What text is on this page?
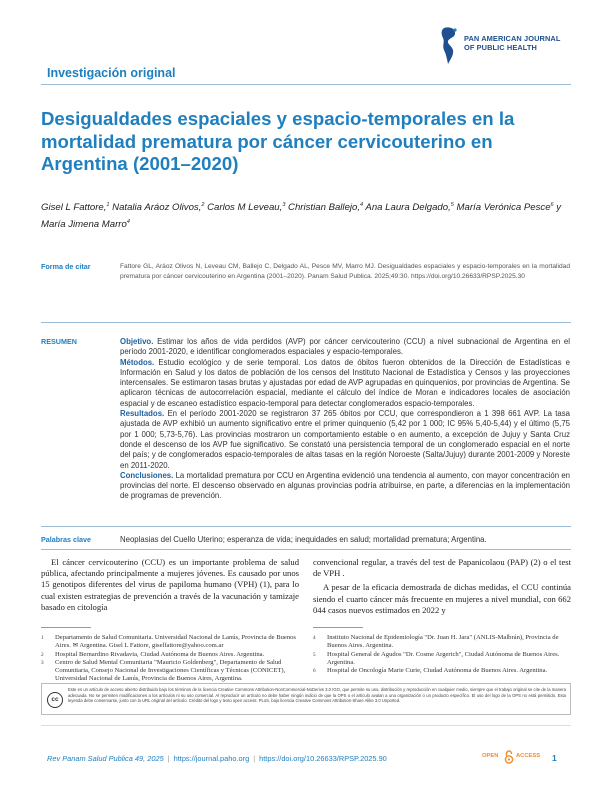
PAN AMERICAN JOURNAL
OF PUBLIC HEALTH
Investigación original
Desigualdades espaciales y espacio-temporales en la mortalidad prematura por cáncer cervicouterino en Argentina (2001–2020)
Gisel L Fattore,$^1$ Natalia Aráoz Olivos,$^2$ Carlos M Leveau,$^3$ Christian Ballejo,$^4$ Ana Laura Delgado,$^5$ María Verónica Pesce$^6$ y María Jimena Marro$^4$
Forma de citar	Fattore GL, Aráoz Olivos N, Leveau CM, Ballejo C, Delgado AL, Pesce MV, Marro MJ. Desigualdades espaciales y espacio-temporales en la mortalidad prematura por cáncer cervicouterino en Argentina (2001–2020). Panam Salud Publica. 2025;49:30. https://doi.org/10.26633/RPSP.2025.30
RESUMEN	Objetivo. Estimar los años de vida perdidos (AVP) por cáncer cervicouterino (CCU) a nivel subnacional de Argentina en el período 2001-2020, e identificar conglomerados espaciales y espacio-temporales.

Métodos. Estudio ecológico y de serie temporal. Los datos de óbitos fueron obtenidos de la Dirección de Estadísticas e Información en Salud y los datos de población de los censos del Instituto Nacional de Estadística y Censos y las proyecciones intercensales. Se estimaron tasas brutas y ajustadas por edad de AVP agrupadas en quinquenios, por provincias de Argentina. Se aplicaron técnicas de autocorrelación espacial, mediante el cálculo del índice de Moran e indicadores locales de asociación espacial y de escaneo estadístico espacio-temporal para detectar conglomerados espacio-temporales.

Resultados. En el período 2001-2020 se registraron 37 265 óbitos por CCU, que correspondieron a 1 398 661 AVP. La tasa ajustada de AVP exhibió un aumento significativo entre el primer quinquenio (5,42 por 1 000; IC 95% 5,40-5,44) y el último (5,75 por 1 000; 5,73-5,76). Las provincias mostraron un comportamiento estable o en aumento, a excepción de Jujuy y Santa Cruz donde el descenso de los AVP fue significativo. Se constató una persistencia temporal de un conglomerado espacial en el norte del país; y de conglomerados espacio-temporales de altas tasas en la región Noroeste (Salta/Jujuy) durante 2001-2009 y Noreste en 2011-2020.

Conclusiones. La mortalidad prematura por CCU en Argentina evidenció una tendencia al aumento, con mayor concentración en provincias del norte. El descenso observado en algunas provincias podría atribuirse, en parte, a diferencias en la implementación de programas de prevención.

Palabras clave	Neoplasias del Cuello Uterino; esperanza de vida; inequidades en salud; mortalidad prematura; Argentina.
El cáncer cervicouterino (CCU) es un importante problema de salud pública, afectando principalmente a mujeres jóvenes. Es causado por unos 15 genotipos diferentes del virus de papiloma humano (VPH) (1), para lo cual existen estrategias de prevención a través de la vacunación y tamizaje basado en citología

convencional regular, a través del test de Papanicolaou (PAP) (2) o el test de VPH .

A pesar de la eficacia demostrada de dichas medidas, el CCU continúa siendo el cuarto cáncer más frecuente en mujeres a nivel mundial, con 662 044 casos nuevos estimados en 2022 y

1 Departamento de Salud Comunitaria. Universidad Nacional de Lanús, Provincia de Buenos Aires. ✉ Argentina. Gisel L Fattore, giselfattore@yahoo.com.ar
2 Hospital Bernardino Rivadavia, Ciudad Autónoma de Buenos Aires. Argentina.
3 Centro de Salud Mental Comunitaria "Mauricio Goldenberg", Departamento de Salud Comunitaria, Consejo Nacional de Investigaciones Científicas y Técnicas (CONICET), Universidad Nacional de Lanús, Provincia de Buenos Aires, Argentina.
4 Instituto Nacional de Epidemiología "Dr. Juan H. Jara" (ANLIS-Malbrán), Provincia de Buenos Aires. Argentina.
5 Hospital General de Agudos "Dr. Cosme Argerich", Ciudad Autónoma de Buenos Aires. Argentina.
6 Hospital de Oncología Marie Curie, Ciudad Autónoma de Buenos Aires. Argentina.
cc
Este es un artículo de acceso abierto distribuido bajo los términos de la licencia Creative Commons Attribution-NonCommercial-NoDerivs 3.0 IGO, que permite su uso, distribución y reproducción en cualquier medio, siempre que el trabajo original se cite de la manera adecuada. No se permiten modificaciones a los artículos ni su uso comercial. Al reproducir un artículo no debe haber ningún indicio de que la OPS o el artículo avalan a una organización o un producto específico. El uso del logo de la OPS no está permitido. Esta leyenda debe conservarse, junto con la URL original del artículo. Crédito del logo y texto open access: PLoS, bajo licencia Creative Commons Attribution-Share Alike 3.0 Unported.
Rev Panam Salud Publica 49, 2025 | https://journal.paho.org | https://doi.org/10.26633/RPSP.2025.90	OPEN	ACCESS 1
